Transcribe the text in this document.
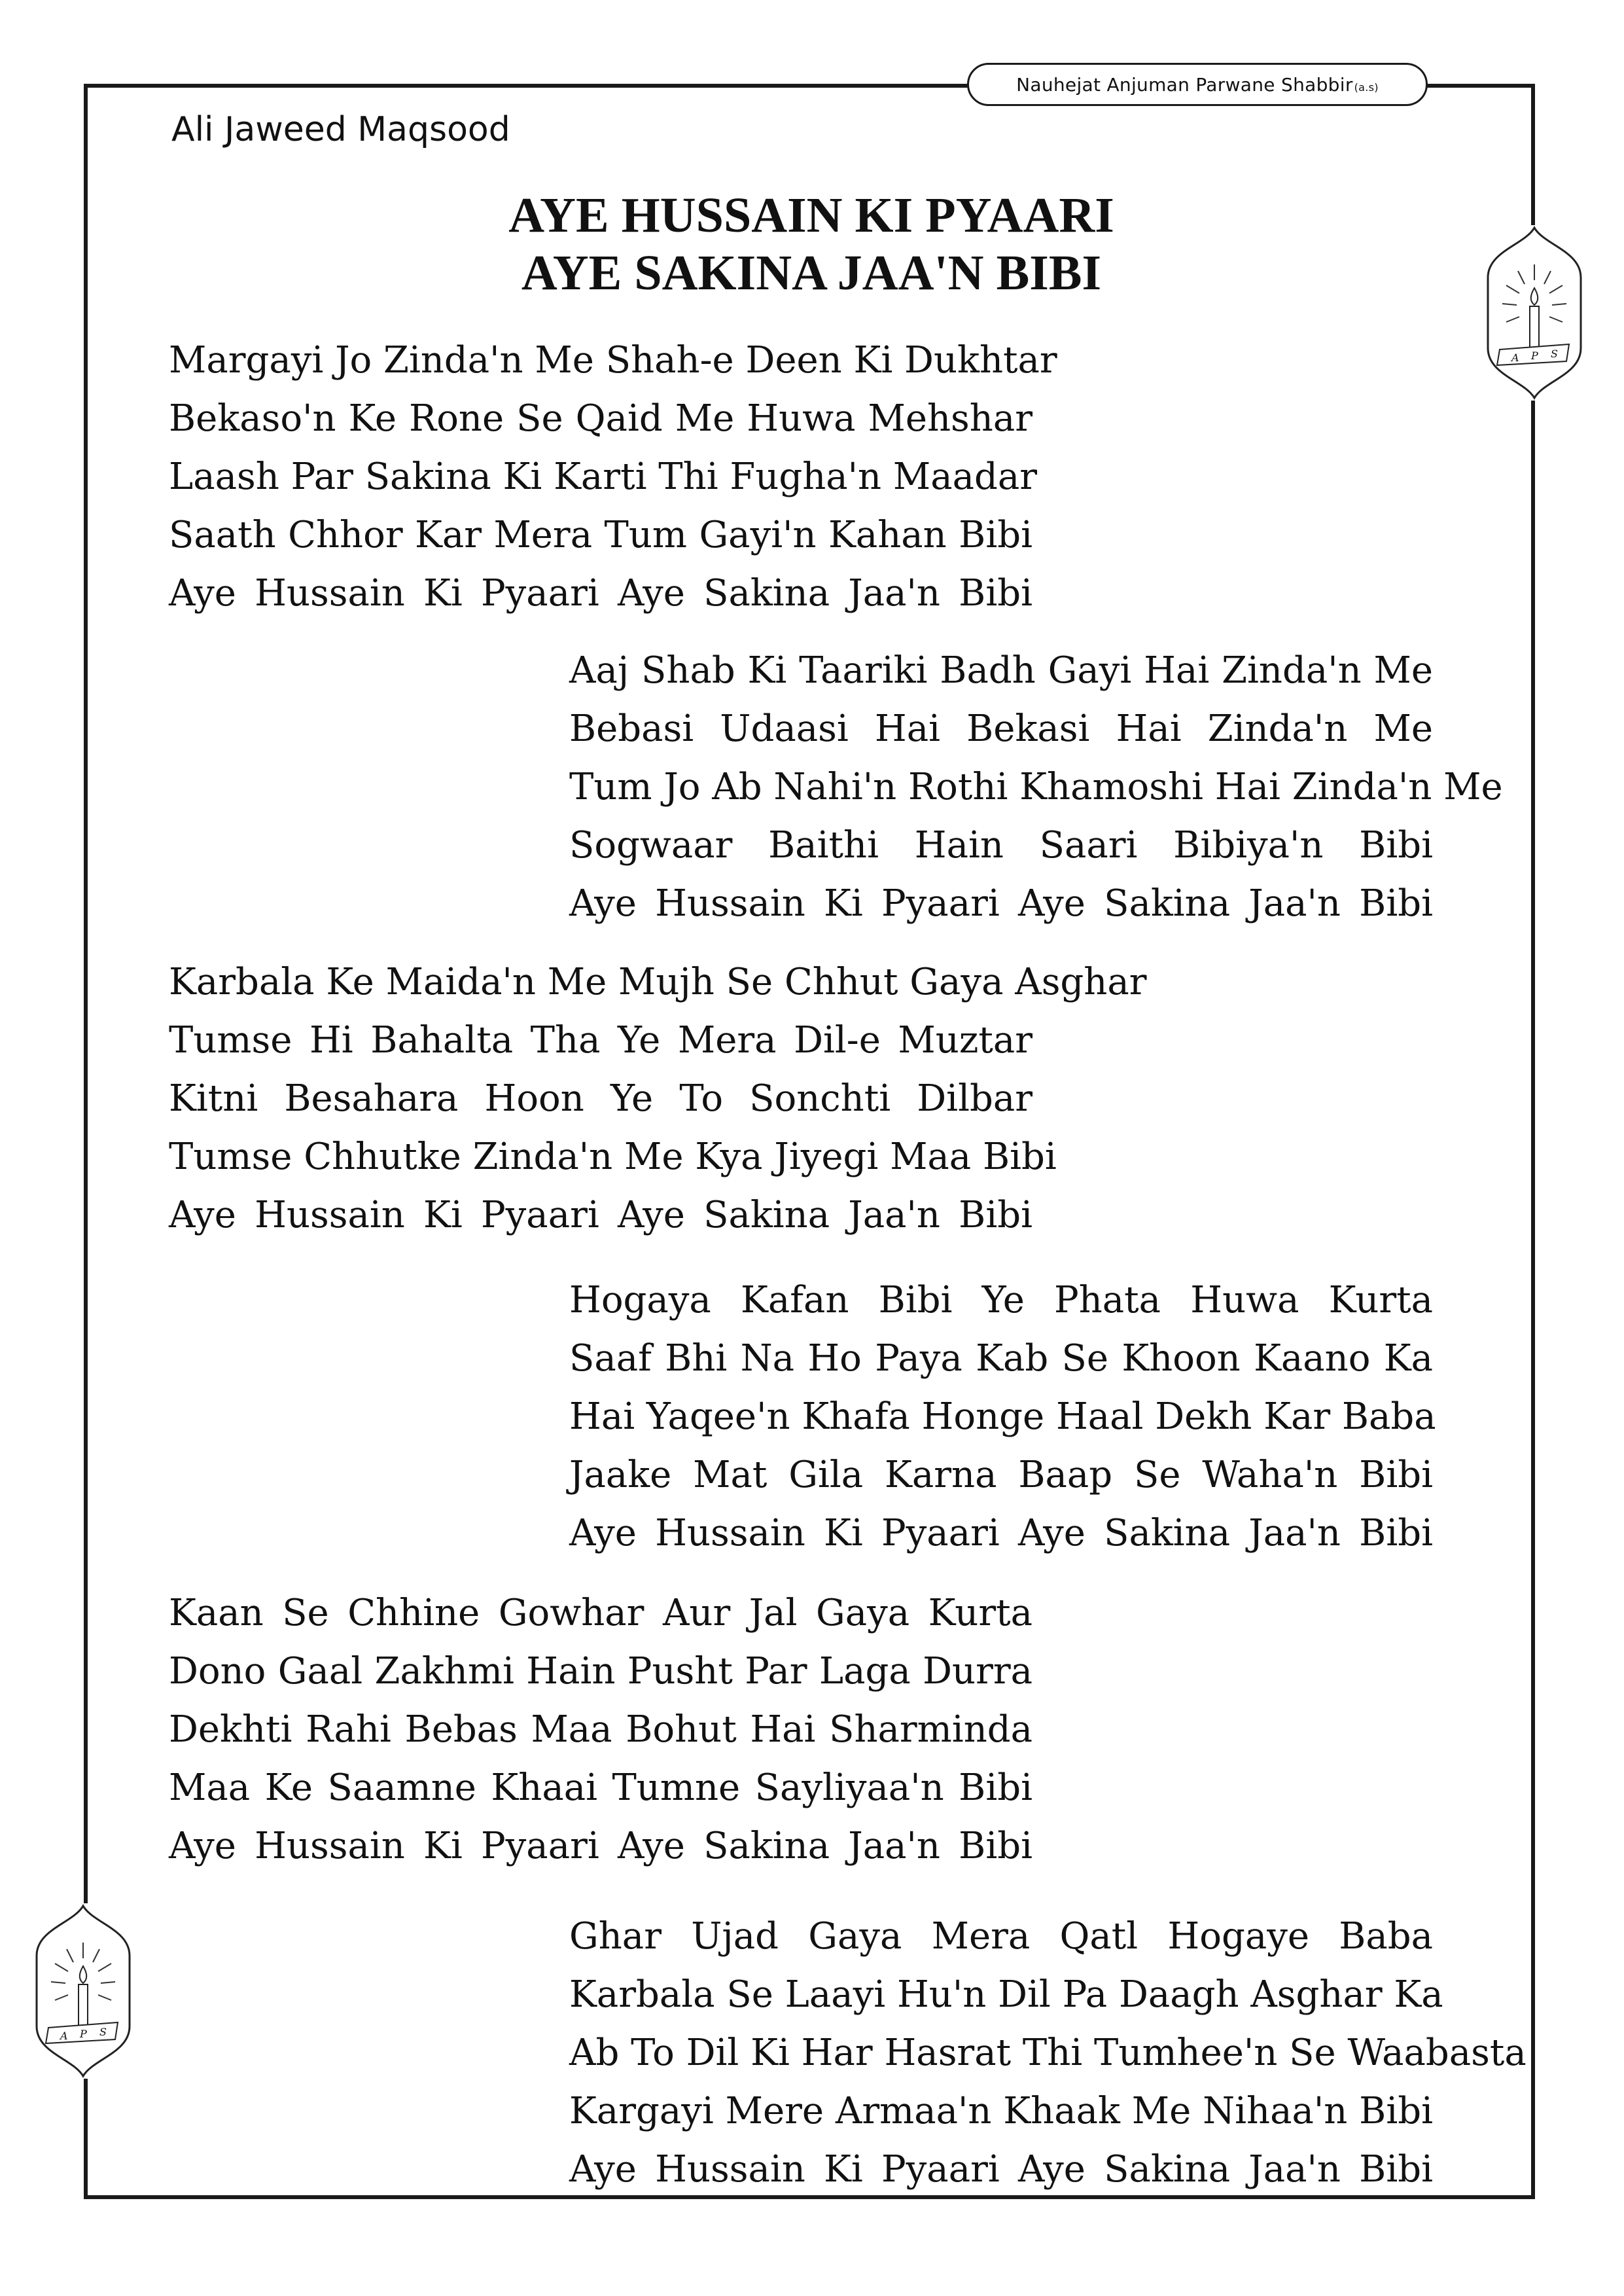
Nauhejat Anjuman Parwane Shabbir (a.s)
A P S
A P S
Ali Jaweed Maqsood
AYE HUSSAIN KI PYAARI
AYE SAKINA JAA'N BIBI
Margayi Jo Zinda'n Me Shah-e Deen Ki Dukhtar
Bekaso'n Ke Rone Se Qaid Me Huwa Mehshar
Laash Par Sakina Ki Karti Thi Fugha'n Maadar
Saath Chhor Kar Mera Tum Gayi'n Kahan Bibi
Aye Hussain Ki Pyaari Aye Sakina Jaa'n Bibi
Aaj Shab Ki Taariki Badh Gayi Hai Zinda'n Me
Bebasi Udaasi Hai Bekasi Hai Zinda'n Me
Tum Jo Ab Nahi'n Rothi Khamoshi Hai Zinda'n Me
Sogwaar Baithi Hain Saari Bibiya'n Bibi
Aye Hussain Ki Pyaari Aye Sakina Jaa'n Bibi
Karbala Ke Maida'n Me Mujh Se Chhut Gaya Asghar
Tumse Hi Bahalta Tha Ye Mera Dil-e Muztar
Kitni Besahara Hoon Ye To Sonchti Dilbar
Tumse Chhutke Zinda'n Me Kya Jiyegi Maa Bibi
Aye Hussain Ki Pyaari Aye Sakina Jaa'n Bibi
Hogaya Kafan Bibi Ye Phata Huwa Kurta
Saaf Bhi Na Ho Paya Kab Se Khoon Kaano Ka
Hai Yaqee'n Khafa Honge Haal Dekh Kar Baba
Jaake Mat Gila Karna Baap Se Waha'n Bibi
Aye Hussain Ki Pyaari Aye Sakina Jaa'n Bibi
Kaan Se Chhine Gowhar Aur Jal Gaya Kurta
Dono Gaal Zakhmi Hain Pusht Par Laga Durra
Dekhti Rahi Bebas Maa Bohut Hai Sharminda
Maa Ke Saamne Khaai Tumne Sayliyaa'n Bibi
Aye Hussain Ki Pyaari Aye Sakina Jaa'n Bibi
Ghar Ujad Gaya Mera Qatl Hogaye Baba
Karbala Se Laayi Hu'n Dil Pa Daagh Asghar Ka
Ab To Dil Ki Har Hasrat Thi Tumhee'n Se Waabasta
Kargayi Mere Armaa'n Khaak Me Nihaa'n Bibi
Aye Hussain Ki Pyaari Aye Sakina Jaa'n Bibi
